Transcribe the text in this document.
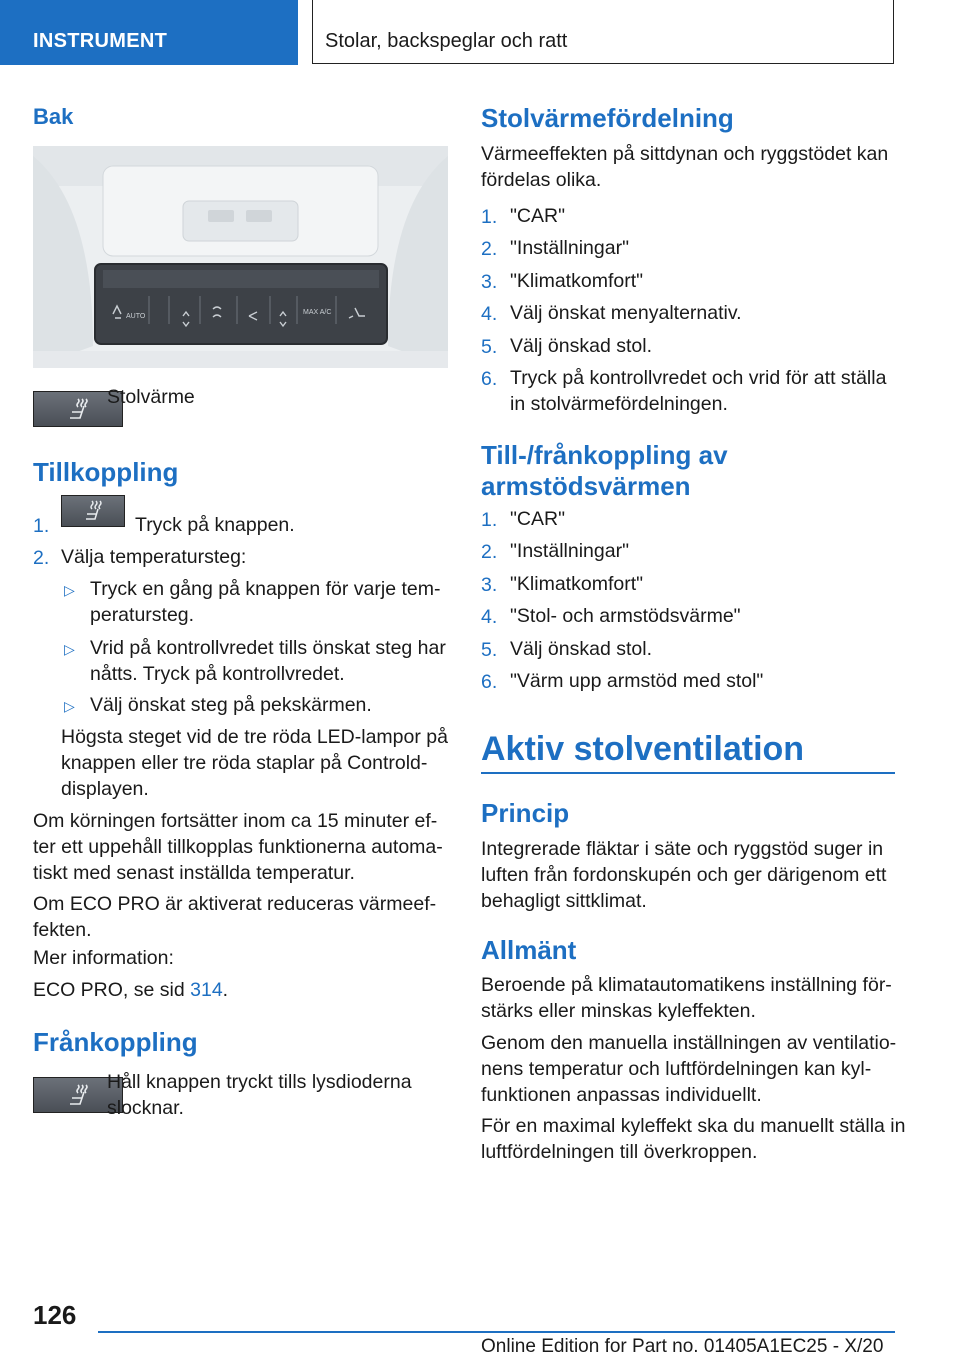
INSTRUMENT	Stolar, backspeglar och ratt
Bak
AUTO
MAX A/C
Stolvärme
Tillkoppling
1.	Tryck på knappen.
2. Välja temperatursteg:
▷ Tryck en gång på knappen för varje tem-
peratursteg.
▷ Vrid på kontrollvredet tills önskat steg har
nåtts. Tryck på kontrollvredet.
▷ Välj önskat steg på pekskärmen.
Högsta steget vid de tre röda LED-lampor på
knappen eller tre röda staplar på Controld‐
displayen.
Om körningen fortsätter inom ca 15 minuter ef‐
ter ett uppehåll tillkopplas funktionerna automa‐
tiskt med senast inställda temperatur.
Om ECO PRO är aktiverat reduceras värmeef‐
fekten.
Mer information:
ECO PRO, se sid 314.
Frånkoppling
Håll knappen tryckt tills lysdioderna
slocknar.
Stolvärmefördelning
Värmeeffekten på sittdynan och ryggstödet kan
fördelas olika.
1. "CAR"
2. "Inställningar"
3. "Klimatkomfort"
4. Välj önskat menyalternativ.
5. Välj önskad stol.
6. Tryck på kontrollvredet och vrid för att ställa
in stolvärmefördelningen.
Till‐/frånkoppling av
armstödsvärmen
1. "CAR"
2. "Inställningar"
3. "Klimatkomfort"
4. "Stol- och armstödsvärme"
5. Välj önskad stol.
6. "Värm upp armstöd med stol"
Aktiv stolventilation
Princip
Integrerade fläktar i säte och ryggstöd suger in
luften från fordonskupén och ger därigenom ett
behagligt sittklimat.
Allmänt
Beroende på klimatautomatikens inställning för‐
stärks eller minskas kyleffekten.
Genom den manuella inställningen av ventilatio‐
nens temperatur och luftfördelningen kan kyl‐
funktionen anpassas individuellt.
För en maximal kyleffekt ska du manuellt ställa in
luftfördelningen till överkroppen.
126
Online Edition for Part no. 01405A1EC25 - X/20
